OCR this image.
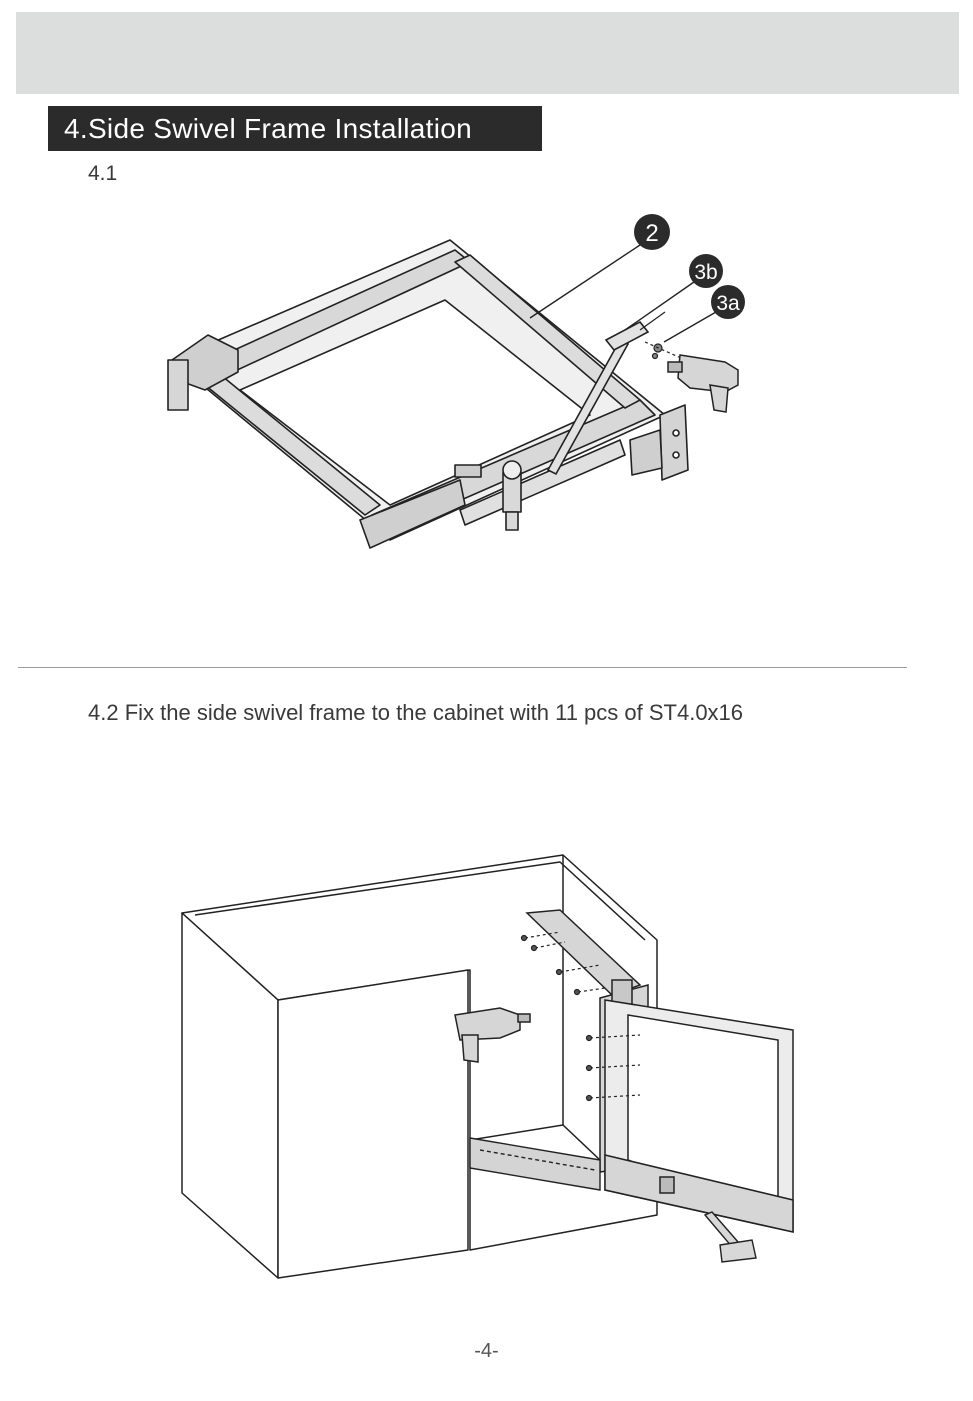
4.Side Swivel Frame Installation
4.1
2
3b
3a
4.2 Fix the side swivel frame to the cabinet with 11 pcs of ST4.0x16
-4-
